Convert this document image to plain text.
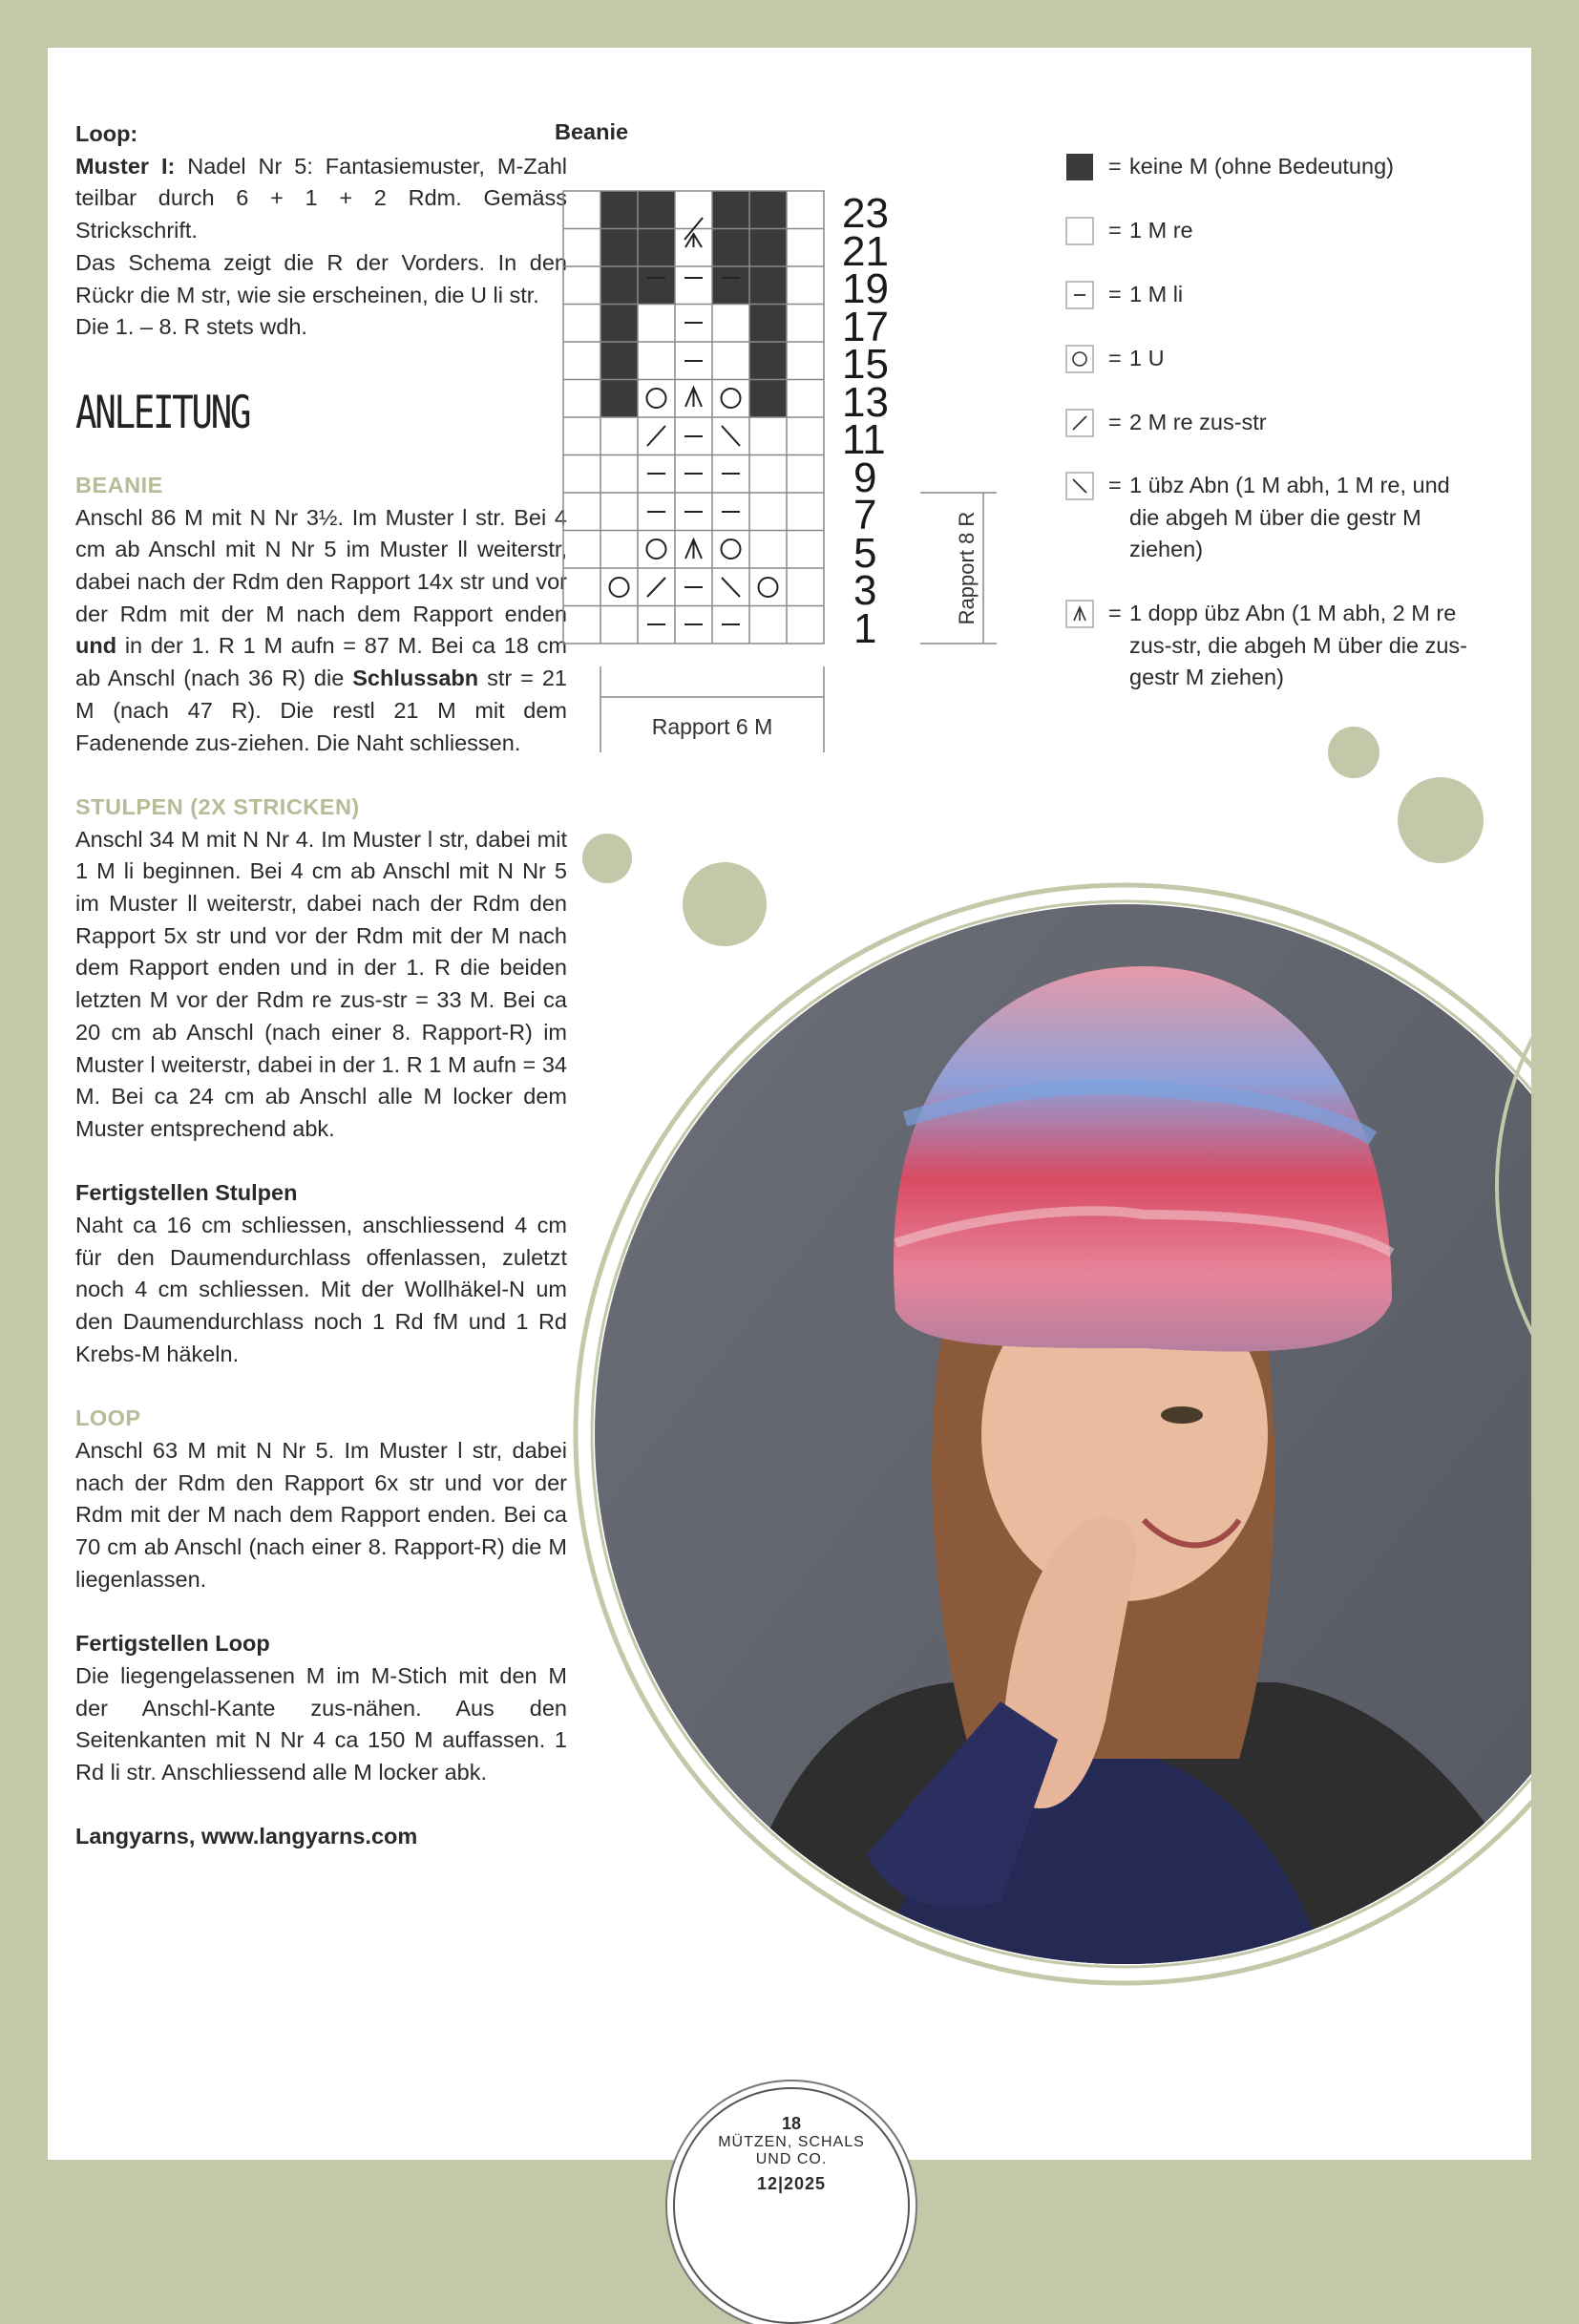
Loop:

Muster I: Nadel Nr 5: Fantasiemuster, M-Zahl teilbar durch 6 + 1 + 2 Rdm. Gemäss Strickschrift.

Das Schema zeigt die R der Vorders. In den Rückr die M str, wie sie erscheinen, die U li str.

Die 1. – 8. R stets wdh.

ANLEITUNG

BEANIE

Anschl 86 M mit N Nr 3½. Im Muster l str. Bei 4 cm ab Anschl mit N Nr 5 im Muster ll weiterstr, dabei nach der Rdm den Rapport 14x str und vor der Rdm mit der M nach dem Rapport enden und in der 1. R 1 M aufn = 87 M. Bei ca 18 cm ab Anschl (nach 36 R) die Schlussabn str = 21 M (nach 47 R). Die restl 21 M mit dem Fadenende zus-ziehen. Die Naht schliessen.

STULPEN (2X STRICKEN)

Anschl 34 M mit N Nr 4. Im Muster l str, dabei mit 1 M li beginnen. Bei 4 cm ab Anschl mit N Nr 5 im Muster ll weiterstr, dabei nach der Rdm den Rapport 5x str und vor der Rdm mit der M nach dem Rapport enden und in der 1. R die beiden letzten M vor der Rdm re zus-str = 33 M. Bei ca 20 cm ab Anschl (nach einer 8. Rapport-R) im Muster l weiterstr, dabei in der 1. R 1 M aufn = 34 M. Bei ca 24 cm ab Anschl alle M locker dem Muster entsprechend abk.

Fertigstellen Stulpen

Naht ca 16 cm schliessen, anschliessend 4 cm für den Daumendurchlass offenlassen, zuletzt noch 4 cm schliessen. Mit der Wollhäkel-N um den Daumendurchlass noch 1 Rd fM und 1 Rd Krebs-M häkeln.

LOOP

Anschl 63 M mit N Nr 5. Im Muster l str, dabei nach der Rdm den Rapport 6x str und vor der Rdm mit der M nach dem Rapport enden. Bei ca 70 cm ab Anschl (nach einer 8. Rapport-R) die M liegenlassen.

Fertigstellen Loop

Die liegengelassenen M im M-Stich mit den M der Anschl-Kante zus-nähen. Aus den Seitenkanten mit N Nr 4 ca 150 M auffassen. 1 Rd li str. Anschliessend alle M locker abk.

Langyarns, www.langyarns.com

Beanie
23
21
19
17
15
13
11
9
7
5
3
1
Rapport 6 M
Rapport 8 R
= keine M (ohne Bedeutung)
= 1 M re
= 1 M li
= 1 U
= 2 M re zus-str
= 1 übz Abn (1 M abh, 1 M re, und die abgeh M über die gestr M ziehen)
= 1 dopp übz Abn (1 M abh, 2 M re zus-str, die abgeh M über die zus-gestr M ziehen)
18
MÜTZEN, SCHALS
UND CO.
12|2025
